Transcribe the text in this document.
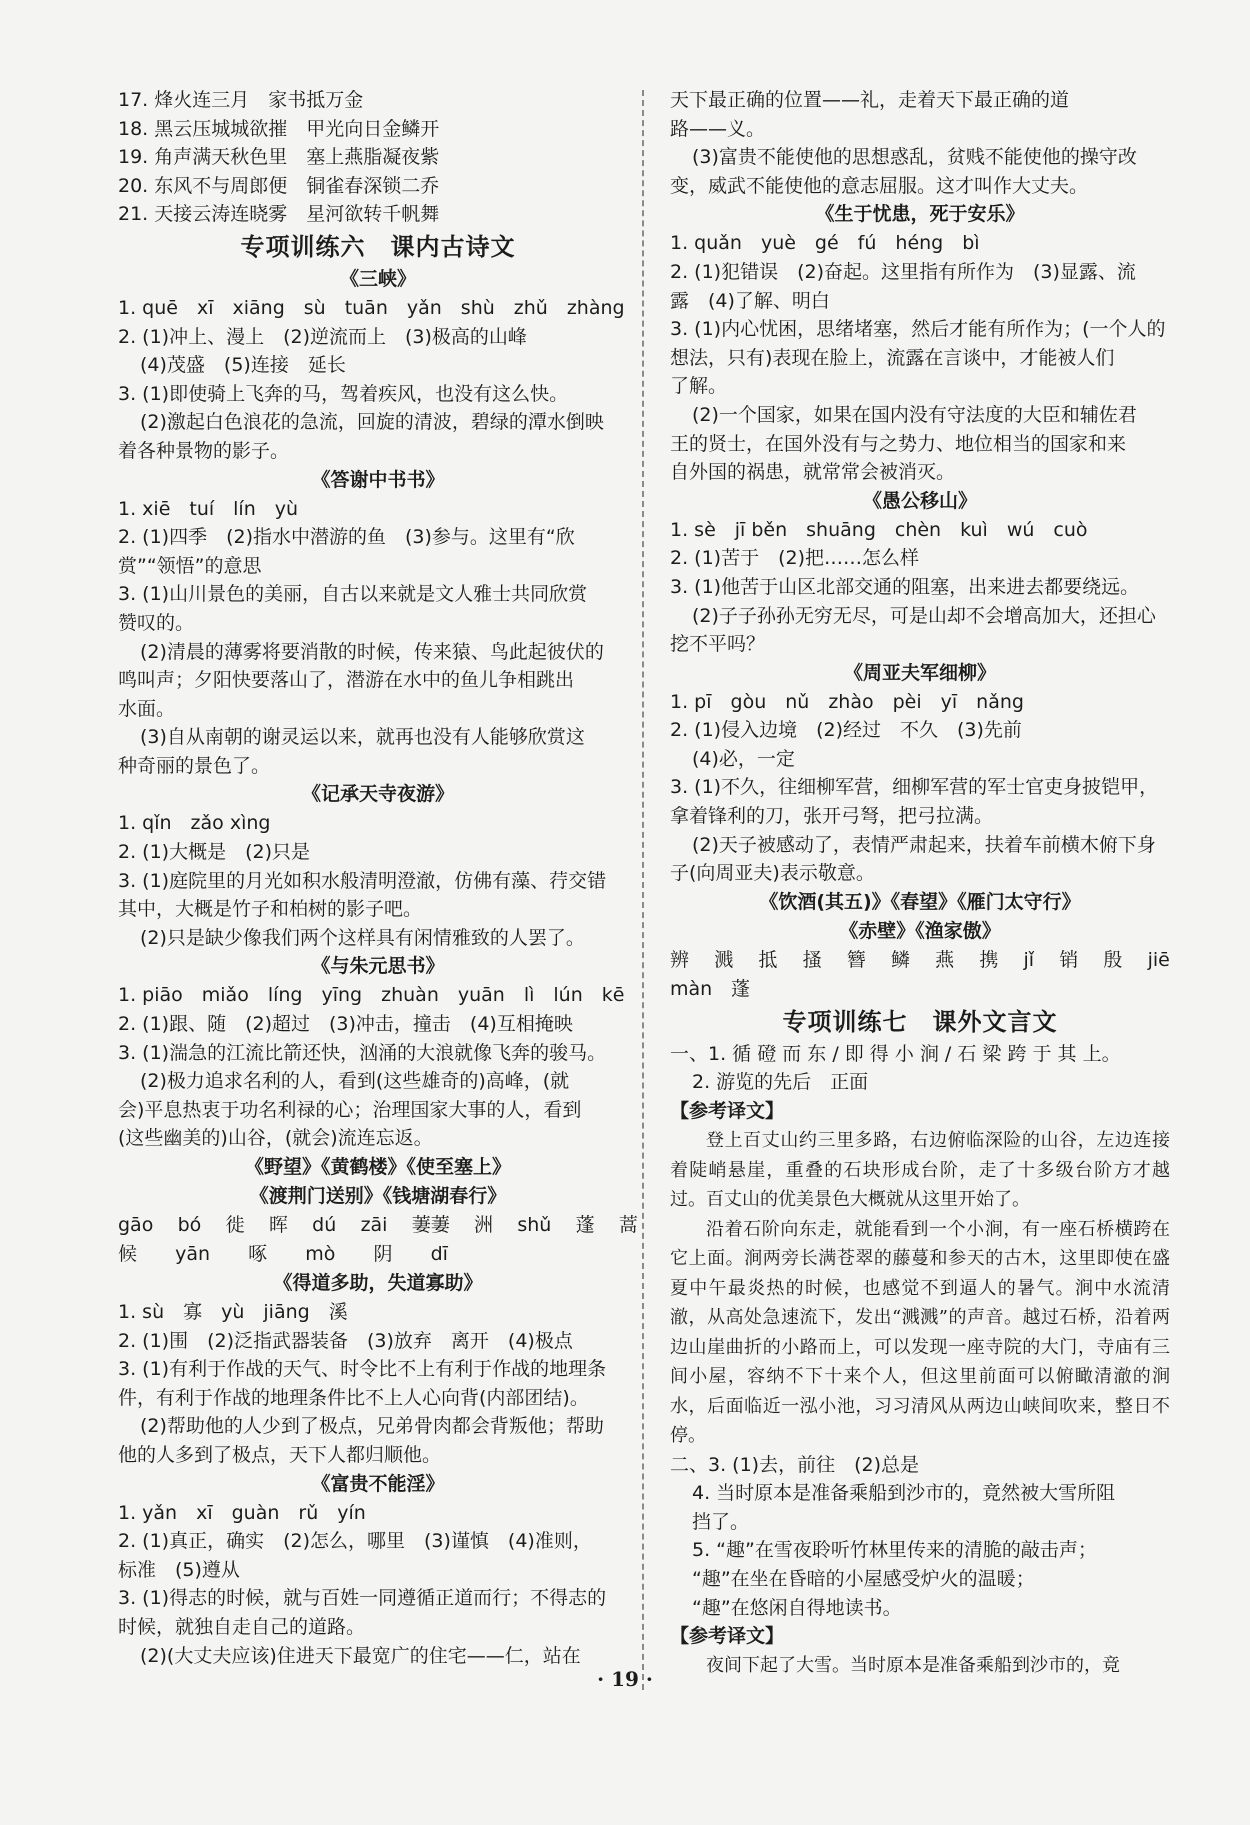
17. 烽火连三月　家书抵万金
18. 黑云压城城欲摧　甲光向日金鳞开
19. 角声满天秋色里　塞上燕脂凝夜紫
20. 东风不与周郎便　铜雀春深锁二乔
21. 天接云涛连晓雾　星河欲转千帆舞
专项训练六　课内古诗文
《三峡》
1. quē　xī　xiāng　sù　tuān　yǎn　shù　zhǔ　zhàng
2. (1)冲上、漫上　(2)逆流而上　(3)极高的山峰
(4)茂盛　(5)连接　延长
3. (1)即使骑上飞奔的马，驾着疾风，也没有这么快。
(2)激起白色浪花的急流，回旋的清波，碧绿的潭水倒映
着各种景物的影子。
《答谢中书书》
1. xiē　tuí　lín　yù
2. (1)四季　(2)指水中潜游的鱼　(3)参与。这里有“欣
赏”“领悟”的意思
3. (1)山川景色的美丽，自古以来就是文人雅士共同欣赏
赞叹的。
(2)清晨的薄雾将要消散的时候，传来猿、鸟此起彼伏的
鸣叫声；夕阳快要落山了，潜游在水中的鱼儿争相跳出
水面。
(3)自从南朝的谢灵运以来，就再也没有人能够欣赏这
种奇丽的景色了。
《记承天寺夜游》
1. qǐn　zǎo xìng
2. (1)大概是　(2)只是
3. (1)庭院里的月光如积水般清明澄澈，仿佛有藻、荇交错
其中，大概是竹子和柏树的影子吧。
(2)只是缺少像我们两个这样具有闲情雅致的人罢了。
《与朱元思书》
1. piāo　miǎo　líng　yīng　zhuàn　yuān　lì　lún　kē
2. (1)跟、随　(2)超过　(3)冲击，撞击　(4)互相掩映
3. (1)湍急的江流比箭还快，汹涌的大浪就像飞奔的骏马。
(2)极力追求名利的人，看到(这些雄奇的)高峰，(就
会)平息热衷于功名利禄的心；治理国家大事的人，看到
(这些幽美的)山谷，(就会)流连忘返。
《野望》《黄鹤楼》《使至塞上》
《渡荆门送别》《钱塘湖春行》
gāo bó 徙 晖 dú zāi 萋萋 洲 shǔ 蓬 蒿
候 yān 啄 mò 阴 dī
《得道多助，失道寡助》
1. sù　寡　yù　jiāng　溪
2. (1)围　(2)泛指武器装备　(3)放弃　离开　(4)极点
3. (1)有利于作战的天气、时令比不上有利于作战的地理条
件，有利于作战的地理条件比不上人心向背(内部团结)。
(2)帮助他的人少到了极点，兄弟骨肉都会背叛他；帮助
他的人多到了极点，天下人都归顺他。
《富贵不能淫》
1. yǎn　xī　guàn　rǔ　yín
2. (1)真正，确实　(2)怎么，哪里　(3)谨慎　(4)准则，
标准　(5)遵从
3. (1)得志的时候，就与百姓一同遵循正道而行；不得志的
时候，就独自走自己的道路。
(2)(大丈夫应该)住进天下最宽广的住宅——仁，站在
天下最正确的位置——礼，走着天下最正确的道
路——义。
(3)富贵不能使他的思想惑乱，贫贱不能使他的操守改
变，威武不能使他的意志屈服。这才叫作大丈夫。
《生于忧患，死于安乐》
1. quǎn　yuè　gé　fú　héng　bì
2. (1)犯错误　(2)奋起。这里指有所作为　(3)显露、流
露　(4)了解、明白
3. (1)内心忧困，思绪堵塞，然后才能有所作为；(一个人的
想法，只有)表现在脸上，流露在言谈中，才能被人们
了解。
(2)一个国家，如果在国内没有守法度的大臣和辅佐君
王的贤士，在国外没有与之势力、地位相当的国家和来
自外国的祸患，就常常会被消灭。
《愚公移山》
1. sè　jī běn　shuāng　chèn　kuì　wú　cuò
2. (1)苦于　(2)把……怎么样
3. (1)他苦于山区北部交通的阻塞，出来进去都要绕远。
(2)子子孙孙无穷无尽，可是山却不会增高加大，还担心
挖不平吗？
《周亚夫军细柳》
1. pī　gòu　nǔ　zhào　pèi　yī　nǎng
2. (1)侵入边境　(2)经过　不久　(3)先前
(4)必，一定
3. (1)不久，往细柳军营，细柳军营的军士官吏身披铠甲，
拿着锋利的刀，张开弓弩，把弓拉满。
(2)天子被感动了，表情严肃起来，扶着车前横木俯下身
子(向周亚夫)表示敬意。
《饮酒(其五)》《春望》《雁门太守行》
《赤壁》《渔家傲》
辨 溅 抵 搔 簪 鳞 燕 携 jǐ 销 殷 jiē
màn 蓬
专项训练七　课外文言文
一、1. 循 磴 而 东 / 即 得 小 涧 / 石 梁 跨 于 其 上。
2. 游览的先后　正面
【参考译文】
登上百丈山约三里多路，右边俯临深险的山谷，左边连接着陡峭悬崖，重叠的石块形成台阶，走了十多级台阶方才越过。百丈山的优美景色大概就从这里开始了。
沿着石阶向东走，就能看到一个小涧，有一座石桥横跨在它上面。涧两旁长满苍翠的藤蔓和参天的古木，这里即使在盛夏中午最炎热的时候，也感觉不到逼人的暑气。涧中水流清澈，从高处急速流下，发出“溅溅”的声音。越过石桥，沿着两边山崖曲折的小路而上，可以发现一座寺院的大门，寺庙有三间小屋，容纳不下十来个人，但这里前面可以俯瞰清澈的涧水，后面临近一泓小池，习习清风从两边山峡间吹来，整日不停。
二、3. (1)去，前往　(2)总是
4. 当时原本是准备乘船到沙市的，竟然被大雪所阻
挡了。
5. “趣”在雪夜聆听竹林里传来的清脆的敲击声；
“趣”在坐在昏暗的小屋感受炉火的温暖；
“趣”在悠闲自得地读书。
【参考译文】
夜间下起了大雪。当时原本是准备乘船到沙市的，竟
· 19 ·
